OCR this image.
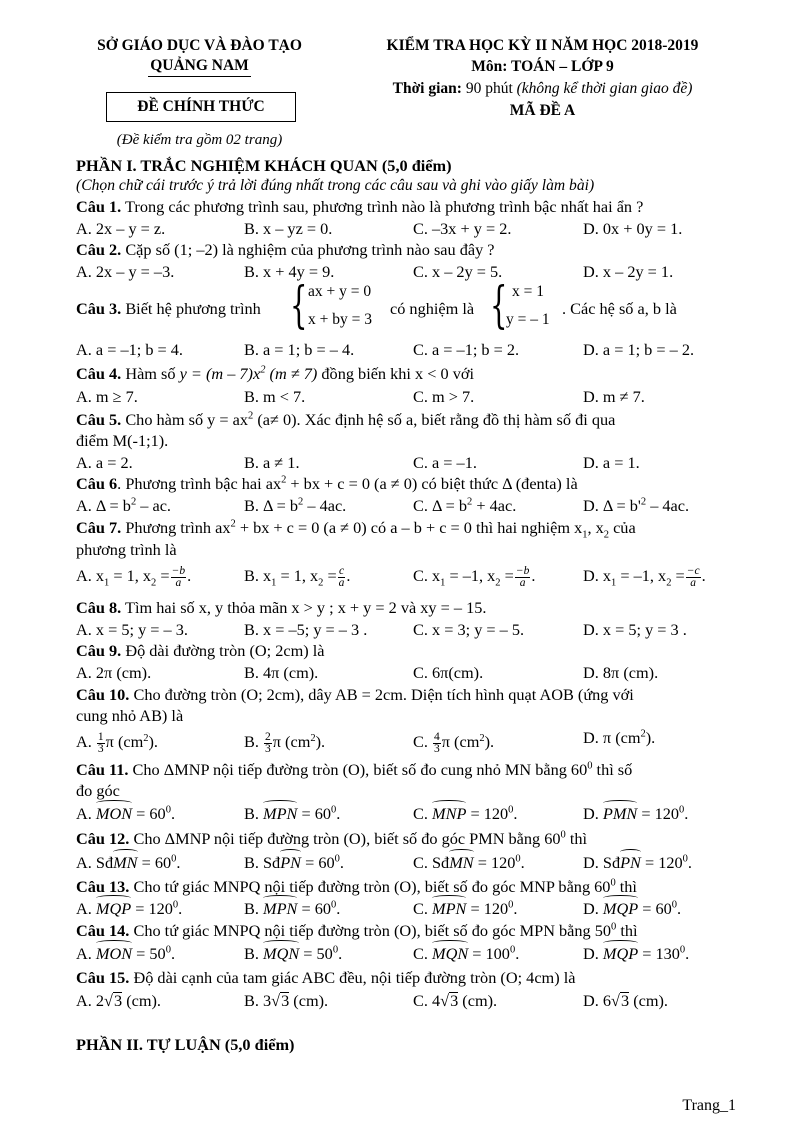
SỞ GIÁO DỤC VÀ ĐÀO TẠO
QUẢNG NAM
ĐỀ CHÍNH THỨC
(Đề kiểm tra gồm 02 trang)
KIỂM TRA HỌC KỲ II NĂM HỌC 2018-2019
Môn: TOÁN – LỚP 9
Thời gian: 90 phút (không kể thời gian giao đề)
MÃ ĐỀ A
PHẦN I. TRẮC NGHIỆM KHÁCH QUAN (5,0 điểm)
(Chọn chữ cái trước ý trả lời đúng nhất trong các câu sau và ghi vào giấy làm bài)
Câu 1. Trong các phương trình sau, phương trình nào là phương trình bậc nhất hai ẩn ?
A. 2x – y = z.	B. x – yz = 0.	C. –3x + y = 2.	D. 0x + 0y = 1.
Câu 2. Cặp số (1; –2) là nghiệm của phương trình nào sau đây ?
A. 2x – y = –3.	B. x + 4y = 9.	C. x – 2y = 5.	D. x – 2y = 1.
Câu 3. Biết hệ phương trình { ax + y = 0
x + by = 3
có nghiệm là { x = 1
y = – 1
. Các hệ số a, b là
A. a = –1; b = 4.	B. a = 1; b = – 4.	C. a = –1; b = 2.	D. a = 1; b = – 2.
Câu 4. Hàm số $y = (m - 7)x^2$ (m ≠ 7) đồng biến khi x < 0 với
A. m ≥ 7.	B. m < 7.	C. m > 7.	D. m ≠ 7.
Câu 5. Cho hàm số $y = ax^2$ (a≠ 0). Xác định hệ số a, biết rằng đồ thị hàm số đi qua
điểm M(-1;1).
A. a = 2.	B. a ≠ 1.	C. a = –1.	D. a = 1.
Câu 6. Phương trình bậc hai $ax^2$ + bx + c = 0 (a ≠ 0) có biệt thức Δ (đenta) là
A. $\Delta = b^2$ – ac.	B. $\Delta = b^2 - 4ac$.	C. $\Delta = b^2 + 4ac$.	D. $\Delta = b'^2 - 4ac$.
Câu 7. Phương trình $ax^2$ + bx + c = 0 (a ≠ 0) có a – b + c = 0 thì hai nghiệm $x_1$, $x_2$ của
phương trình là
A. $x_1 = 1$, $x_2 = \frac{-b}{a}$ .	B. $x_1 = 1$, $x_2 = \frac{c}{a}$ .	C. $x_1 = -1$, $x_2 = \frac{-b}{a}$ .	D. $x_1 = -1$, $x_2 = \frac{-c}{a}$ .
Câu 8. Tìm hai số x, y thỏa mãn x > y ; x + y = 2 và xy = – 15.
A. x = 5; y = – 3.	B. x = –5; y = – 3 .	C. x = 3; y = – 5.	D. x = 5; y = 3 .
Câu 9. Độ dài đường tròn (O; 2cm) là
A. 2π (cm).	B. 4π (cm).	C. 6π(cm).	D. 8π (cm).
Câu 10. Cho đường tròn (O; 2cm), dây AB = 2cm. Diện tích hình quạt AOB (ứng với
cung nhỏ AB) là
A. $\frac{1}{3}$ π $(cm^2)$.	B. $\frac{2}{3}$ π $(cm^2)$.	C. $\frac{4}{3}$ π $(cm^2)$.	D. π $(cm^2)$.
Câu 11. Cho ΔMNP nội tiếp đường tròn (O), biết số đo cung nhỏ MN bằng $60^0$ thì số
đo góc
A. MON = $60^0$.	B. MPN = $60^0$.	C. MNP = $120^0$.	D. PMN = $120^0$.
Câu 12. Cho ΔMNP nội tiếp đường tròn (O), biết số đo góc PMN bằng $60^0$ thì
A. SđMN = $60^0$.	B. SđPN = $60^0$.	C. SđMN = $120^0$.	D. SđPN = $120^0$.
Câu 13. Cho tứ giác MNPQ nội tiếp đường tròn (O), biết số đo góc MNP bằng $60^0$ thì
A. MQP = $120^0$.	B. MPN = $60^0$.	C. MPN = $120^0$.	D. MQP = $60^0$.
Câu 14. Cho tứ giác MNPQ nội tiếp đường tròn (O), biết số đo góc MPN bằng $50^0$ thì
A. MON = $50^0$.	B. MQN = $50^0$.	C. MQN = $100^0$.	D. MQP = $130^0$.
Câu 15. Độ dài cạnh của tam giác ABC đều, nội tiếp đường tròn (O; 4cm) là
A. 2√3 (cm).	B. 3√3 (cm).	C. 4√3 (cm).	D. 6√3 (cm).
PHẦN II. TỰ LUẬN (5,0 điểm)
Trang_1
